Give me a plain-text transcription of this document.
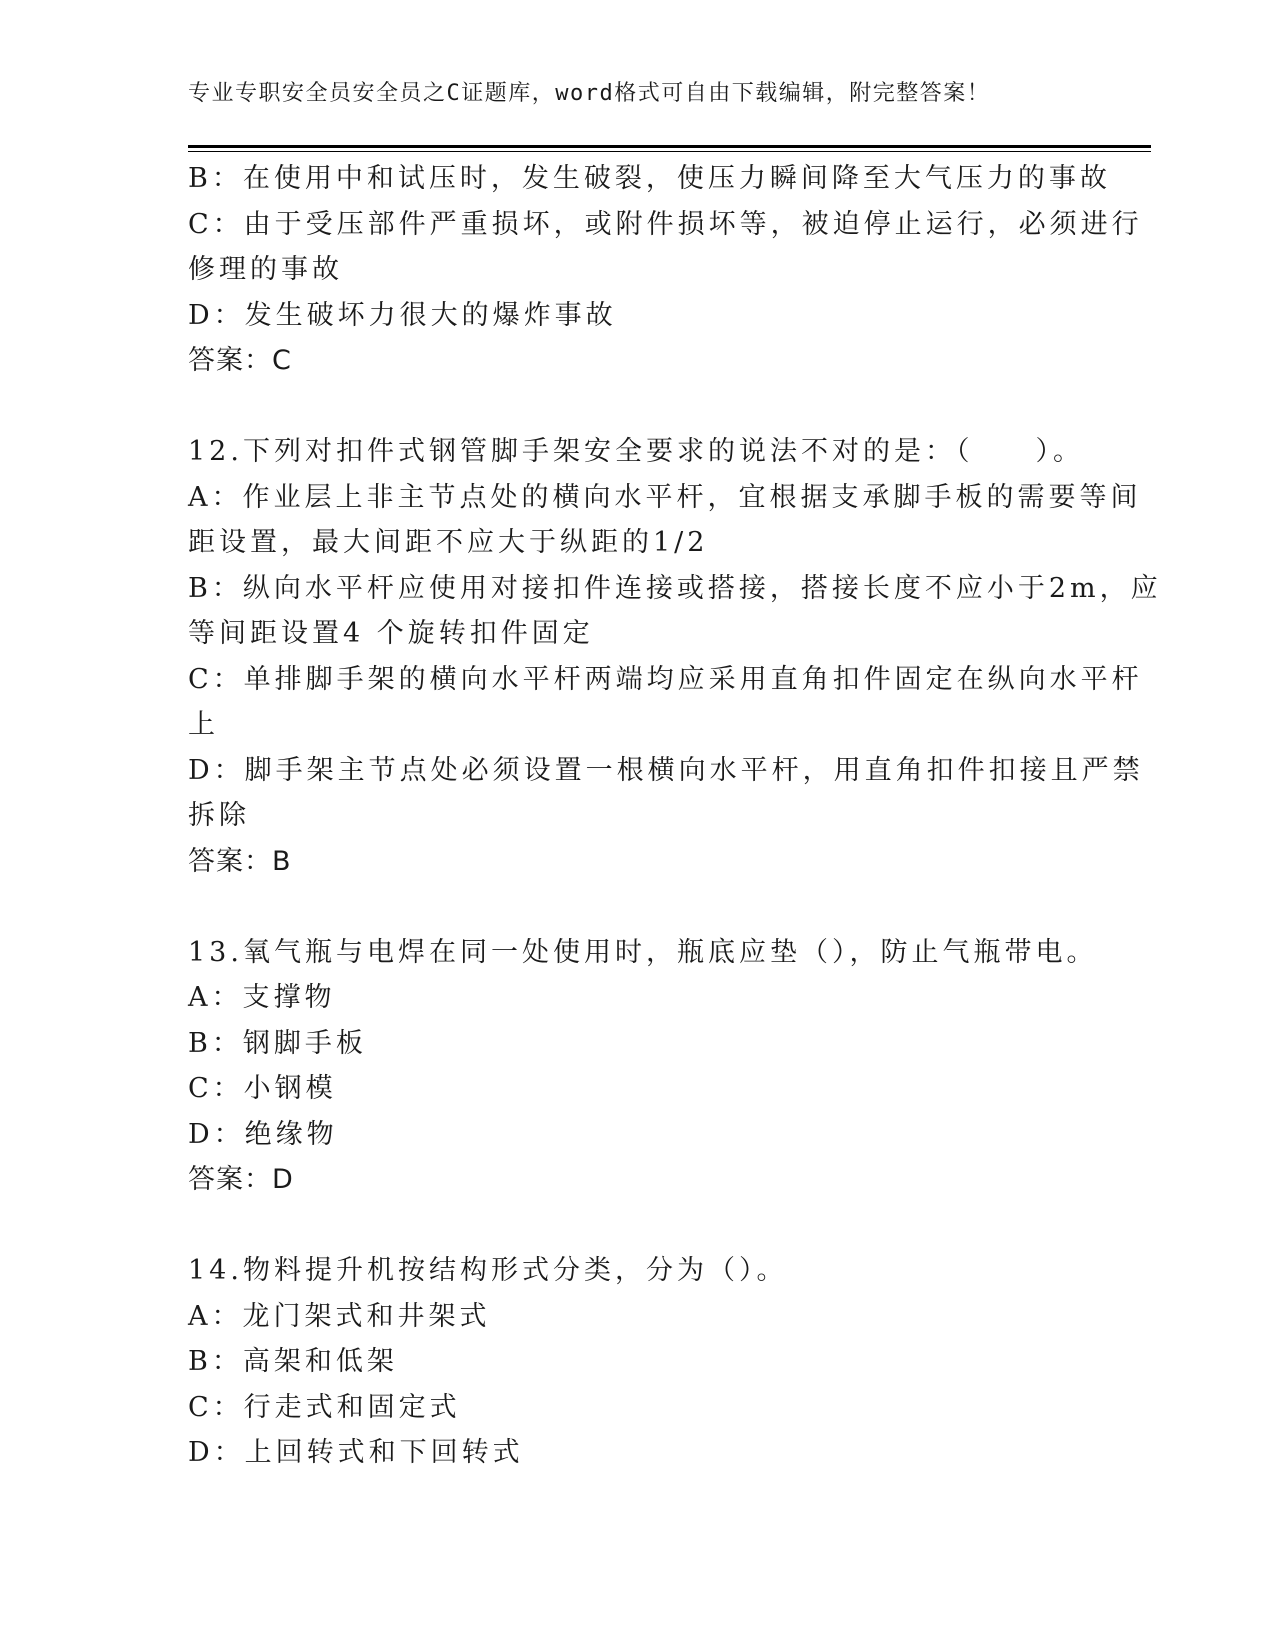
专业专职安全员安全员之C证题库，word格式可自由下载编辑，附完整答案！
B：在使用中和试压时，发生破裂，使压力瞬间降至大气压力的事故
C：由于受压部件严重损坏，或附件损坏等，被迫停止运行，必须进行
修理的事故
D：发生破坏力很大的爆炸事故
答案：C
12.下列对扣件式钢管脚手架安全要求的说法不对的是：（　　）。
A：作业层上非主节点处的横向水平杆，宜根据支承脚手板的需要等间
距设置，最大间距不应大于纵距的1/2
B：纵向水平杆应使用对接扣件连接或搭接，搭接长度不应小于2m，应
等间距设置4 个旋转扣件固定
C：单排脚手架的横向水平杆两端均应采用直角扣件固定在纵向水平杆
上
D：脚手架主节点处必须设置一根横向水平杆，用直角扣件扣接且严禁
拆除
答案：B
13.氧气瓶与电焊在同一处使用时，瓶底应垫（），防止气瓶带电。
A：支撑物
B：钢脚手板
C：小钢模
D：绝缘物
答案：D
14.物料提升机按结构形式分类，分为（）。
A：龙门架式和井架式
B：高架和低架
C：行走式和固定式
D：上回转式和下回转式
